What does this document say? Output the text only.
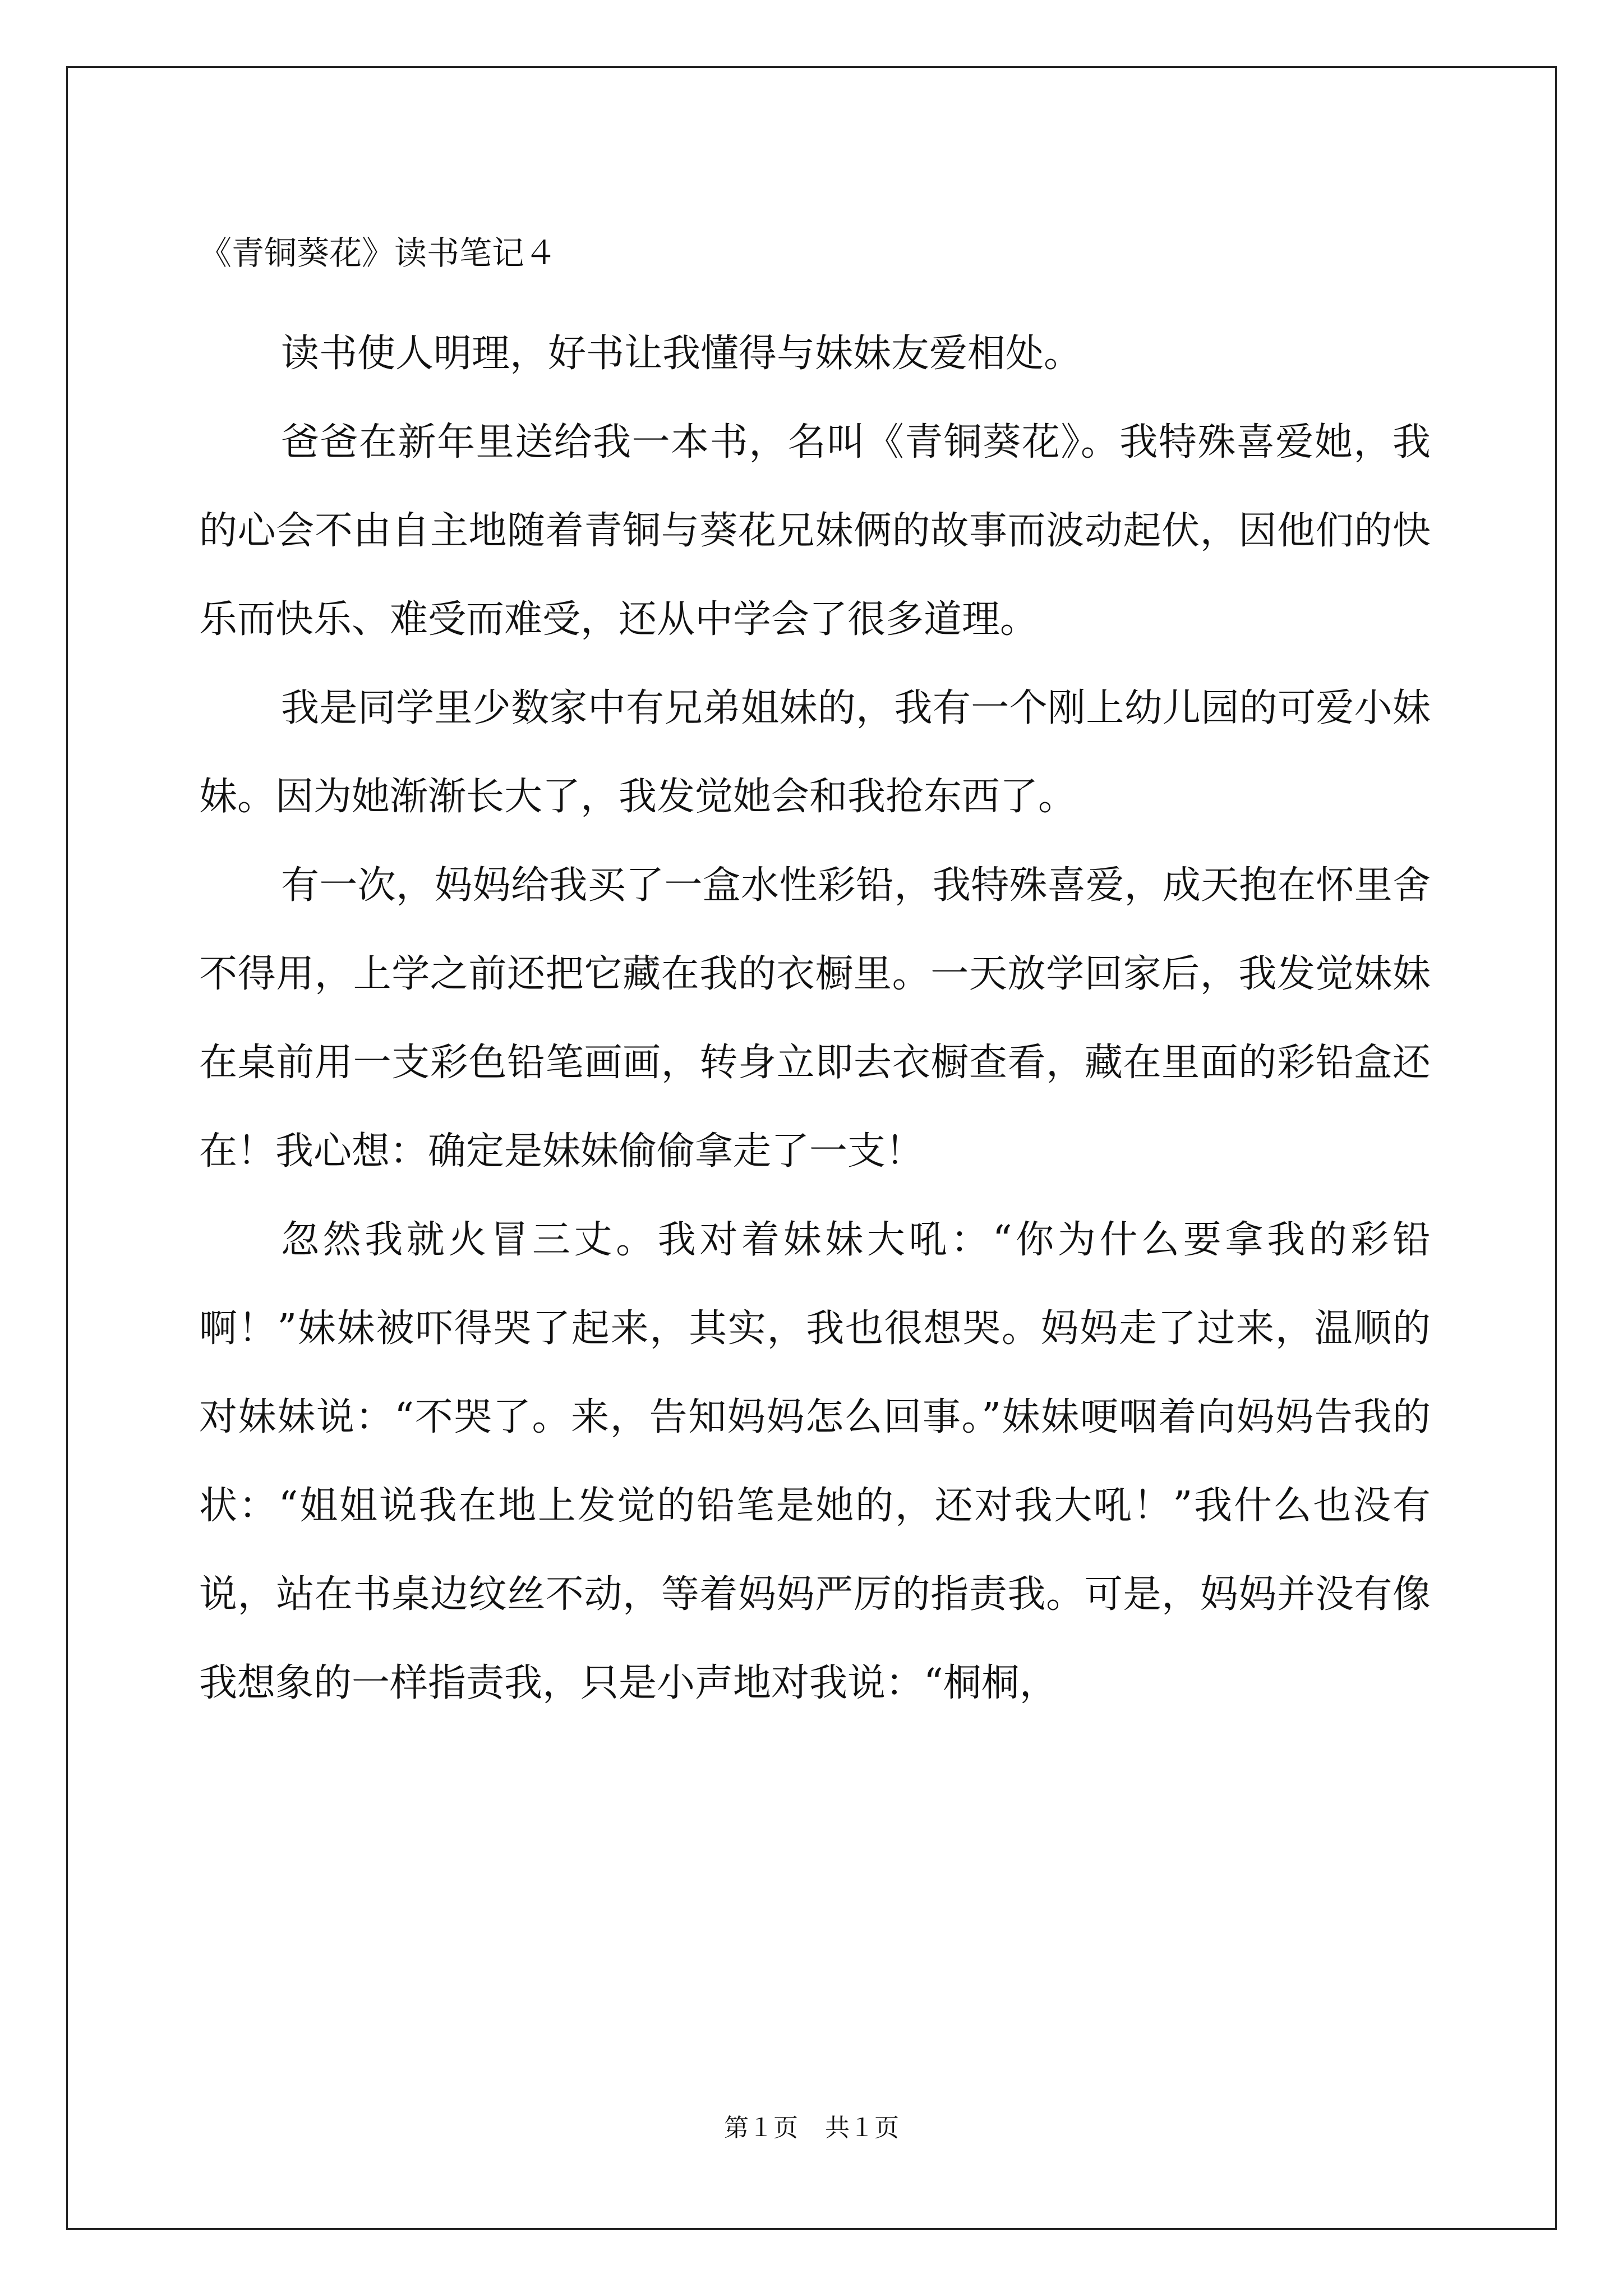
《青铜葵花》读书笔记４

读书使人明理，好书让我懂得与妹妹友爱相处。

爸爸在新年里送给我一本书，名叫《青铜葵花》。我特殊喜爱她，我的心会不由自主地随着青铜与葵花兄妹俩的故事而波动起伏，因他们的快乐而快乐、难受而难受，还从中学会了很多道理。

我是同学里少数家中有兄弟姐妹的，我有一个刚上幼儿园的可爱小妹妹。因为她渐渐长大了，我发觉她会和我抢东西了。

有一次，妈妈给我买了一盒水性彩铅，我特殊喜爱，成天抱在怀里舍不得用，上学之前还把它藏在我的衣橱里。一天放学回家后，我发觉妹妹在桌前用一支彩色铅笔画画，转身立即去衣橱查看，藏在里面的彩铅盒还在！我心想：确定是妹妹偷偷拿走了一支！

忽然我就火冒三丈。我对着妹妹大吼：“你为什么要拿我的彩铅啊！”妹妹被吓得哭了起来，其实，我也很想哭。妈妈走了过来，温顺的对妹妹说：“不哭了。来，告知妈妈怎么回事。”妹妹哽咽着向妈妈告我的状：“姐姐说我在地上发觉的铅笔是她的，还对我大吼！”我什么也没有说，站在书桌边纹丝不动，等着妈妈严厉的指责我。可是，妈妈并没有像我想象的一样指责我，只是小声地对我说：“桐桐，

第１页 共１页
